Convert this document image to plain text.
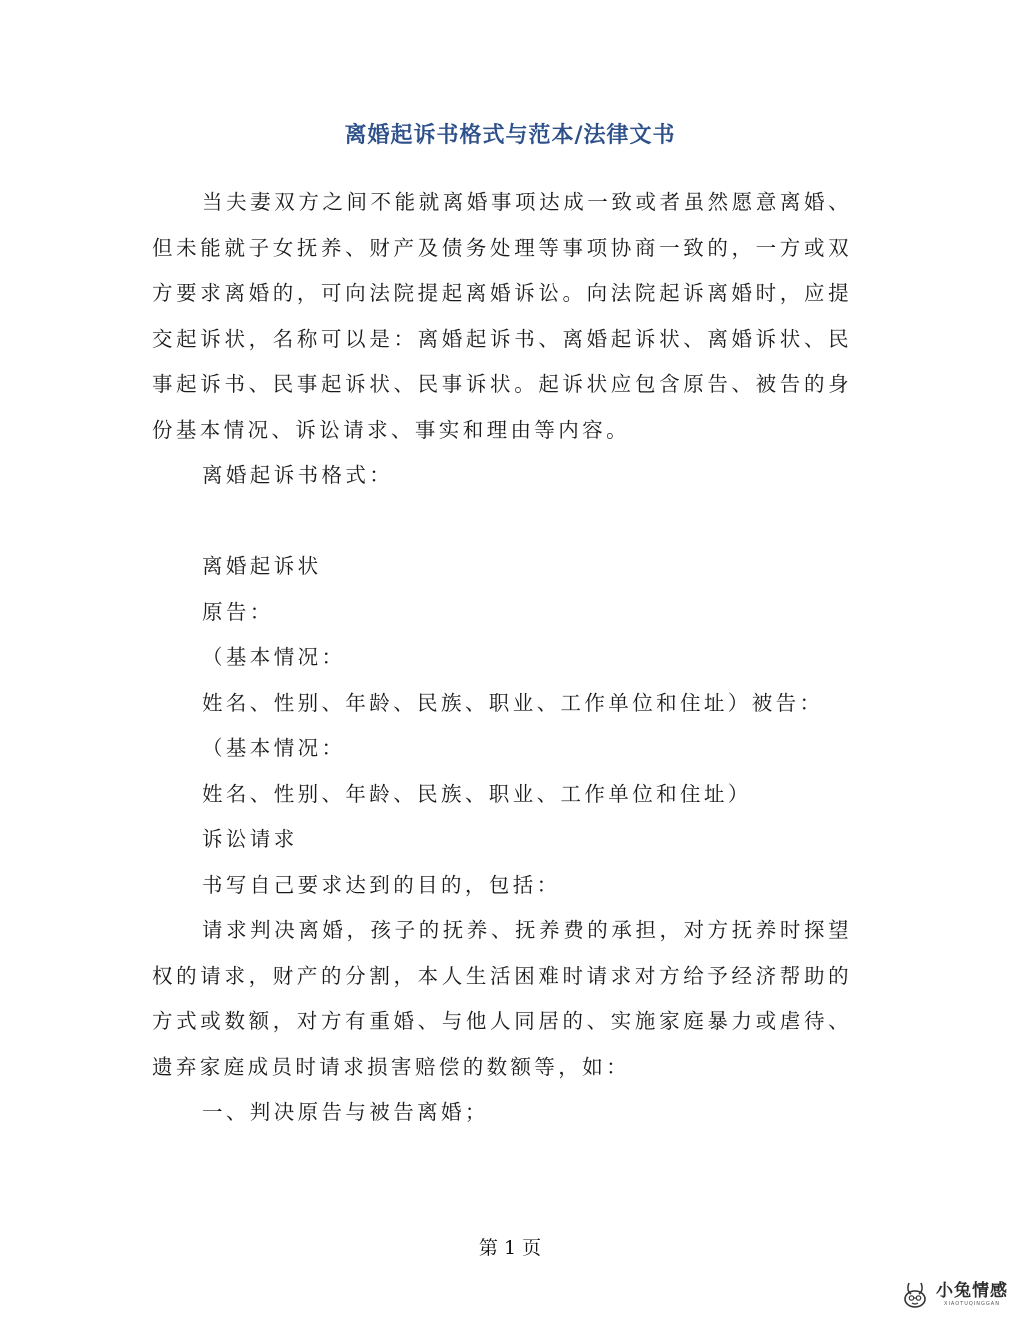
离婚起诉书格式与范本/法律文书

当夫妻双方之间不能就离婚事项达成一致或者虽然愿意离婚、但未能就子女抚养、财产及债务处理等事项协商一致的，一方或双方要求离婚的，可向法院提起离婚诉讼。向法院起诉离婚时，应提交起诉状，名称可以是：离婚起诉书、离婚起诉状、离婚诉状、民事起诉书、民事起诉状、民事诉状。起诉状应包含原告、被告的身份基本情况、诉讼请求、事实和理由等内容。

离婚起诉书格式：

离婚起诉状

原告：

（基本情况：

姓名、性别、年龄、民族、职业、工作单位和住址）被告：

（基本情况：

姓名、性别、年龄、民族、职业、工作单位和住址）

诉讼请求

书写自己要求达到的目的，包括：

请求判决离婚，孩子的抚养、抚养费的承担，对方抚养时探望权的请求，财产的分割，本人生活困难时请求对方给予经济帮助的方式或数额，对方有重婚、与他人同居的、实施家庭暴力或虐待、遗弃家庭成员时请求损害赔偿的数额等，如：

一、判决原告与被告离婚；

第 1 页
小兔情感
XIAOTUQINGGAN
